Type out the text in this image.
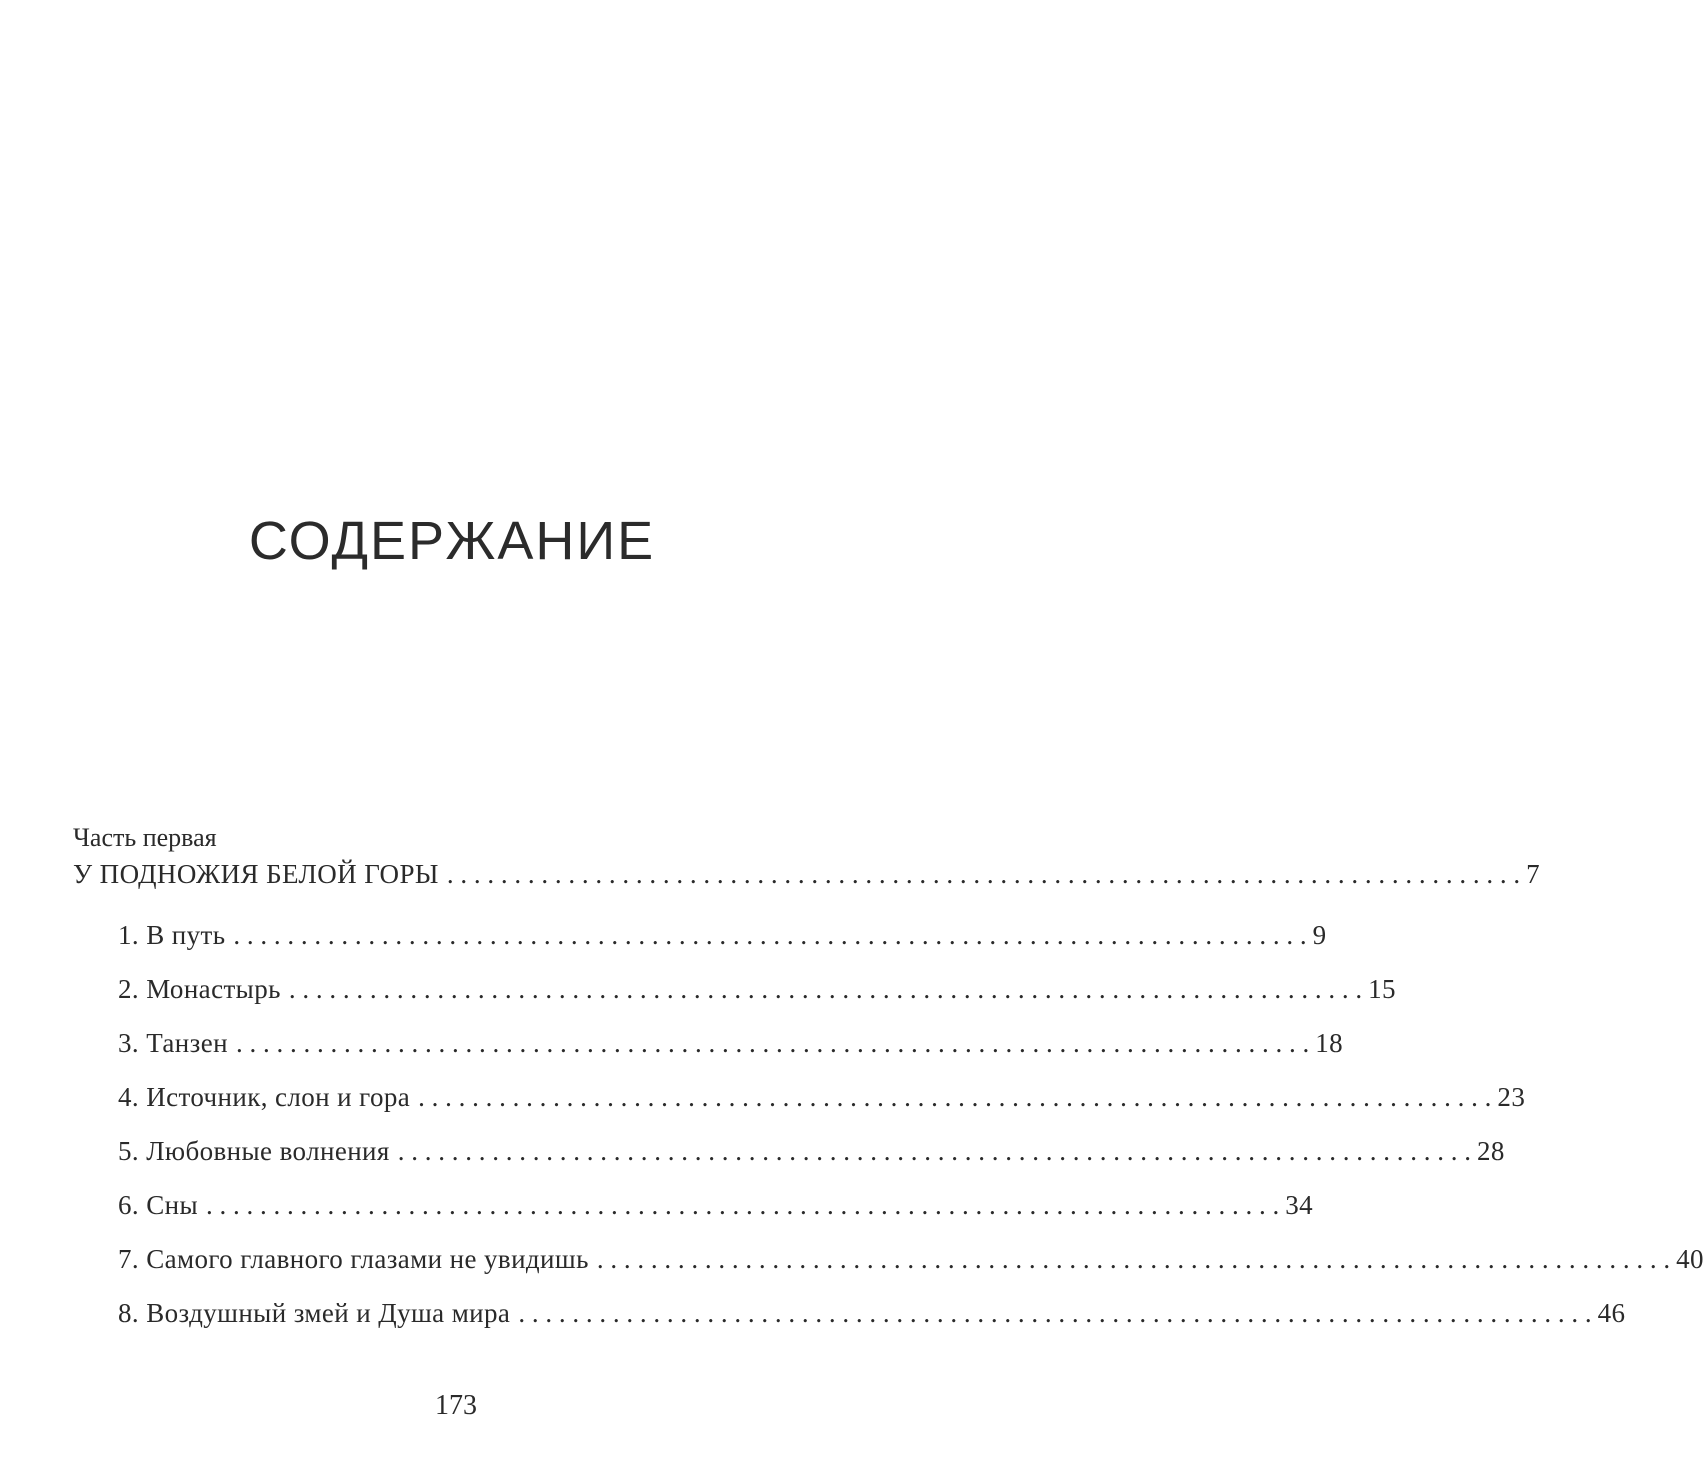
СОДЕРЖАНИЕ
Часть первая
У ПОДНОЖИЯ БЕЛОЙ ГОРЫ . . . . . . . . . . . . . . . . . . . . . . . . . . . . . . . . . . . . . . . . . . . . . . . . . . . . . . . . . . . . . . . . . . . . . . . . . . . . . . . . 7
1. В путь . . . . . . . . . . . . . . . . . . . . . . . . . . . . . . . . . . . . . . . . . . . . . . . . . . . . . . . . . . . . . . . . . . . . . . . . . . . . . . . . 9
2. Монастырь . . . . . . . . . . . . . . . . . . . . . . . . . . . . . . . . . . . . . . . . . . . . . . . . . . . . . . . . . . . . . . . . . . . . . . . . . . . . . . . . 15
3. Танзен . . . . . . . . . . . . . . . . . . . . . . . . . . . . . . . . . . . . . . . . . . . . . . . . . . . . . . . . . . . . . . . . . . . . . . . . . . . . . . . . 18
4. Источник, слон и гора . . . . . . . . . . . . . . . . . . . . . . . . . . . . . . . . . . . . . . . . . . . . . . . . . . . . . . . . . . . . . . . . . . . . . . . . . . . . . . . . 23
5. Любовные волнения . . . . . . . . . . . . . . . . . . . . . . . . . . . . . . . . . . . . . . . . . . . . . . . . . . . . . . . . . . . . . . . . . . . . . . . . . . . . . . . . 28
6. Сны . . . . . . . . . . . . . . . . . . . . . . . . . . . . . . . . . . . . . . . . . . . . . . . . . . . . . . . . . . . . . . . . . . . . . . . . . . . . . . . . 34
7. Самого главного глазами не увидишь . . . . . . . . . . . . . . . . . . . . . . . . . . . . . . . . . . . . . . . . . . . . . . . . . . . . . . . . . . . . . . . . . . . . . . . . . . . . . . . . 40
8. Воздушный змей и Душа мира . . . . . . . . . . . . . . . . . . . . . . . . . . . . . . . . . . . . . . . . . . . . . . . . . . . . . . . . . . . . . . . . . . . . . . . . . . . . . . . . 46
173
